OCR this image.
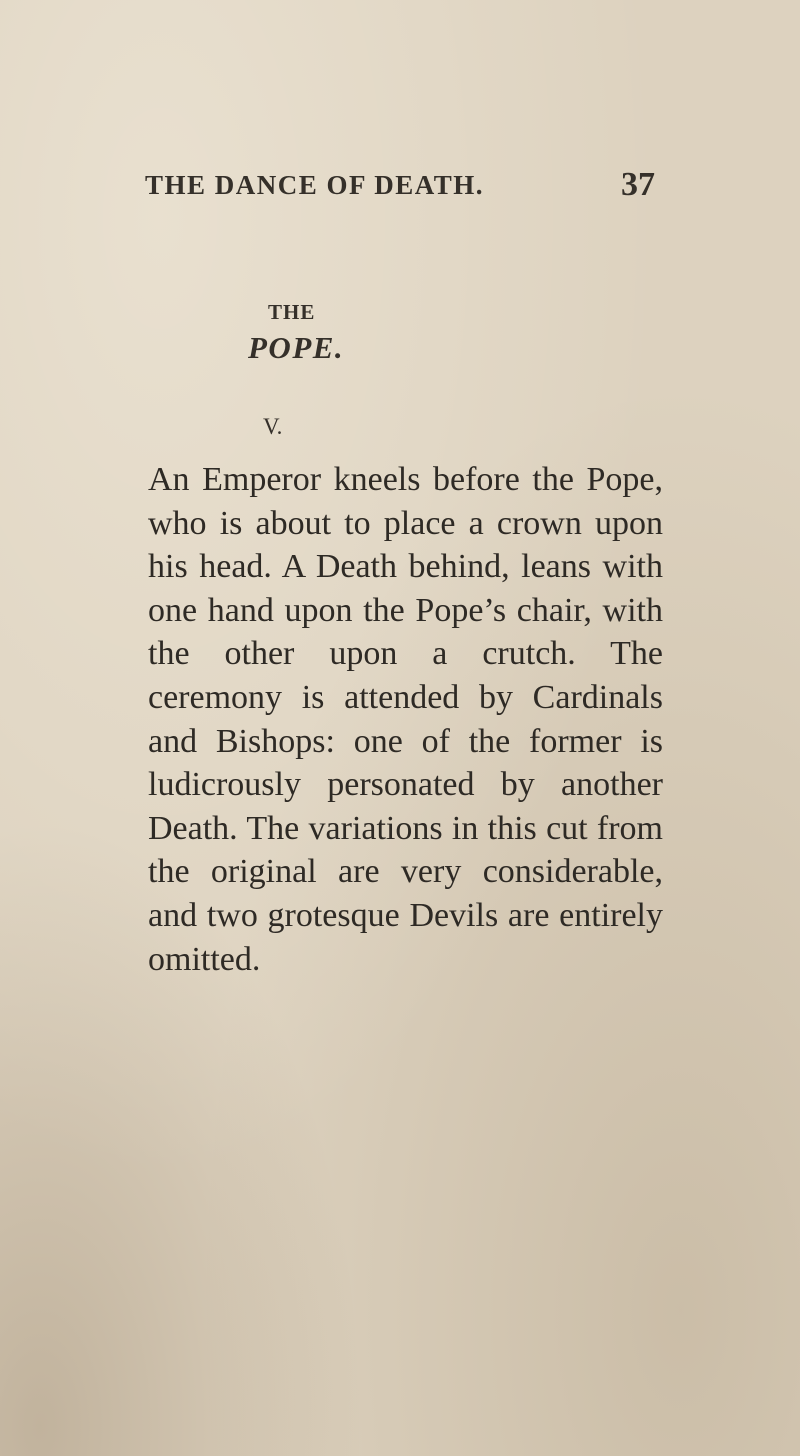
THE DANCE OF DEATH.	37
THE
POPE.
V.

An Emperor kneels before the Pope, who is about to place a crown upon his head. A Death behind, leans with one hand upon the Pope’s chair, with the other upon a crutch. The ceremony is attended by Cardinals and Bishops: one of the former is ludicrously personated by another Death. The variations in this cut from the original are very considerable, and two grotesque Devils are entirely omitted.
